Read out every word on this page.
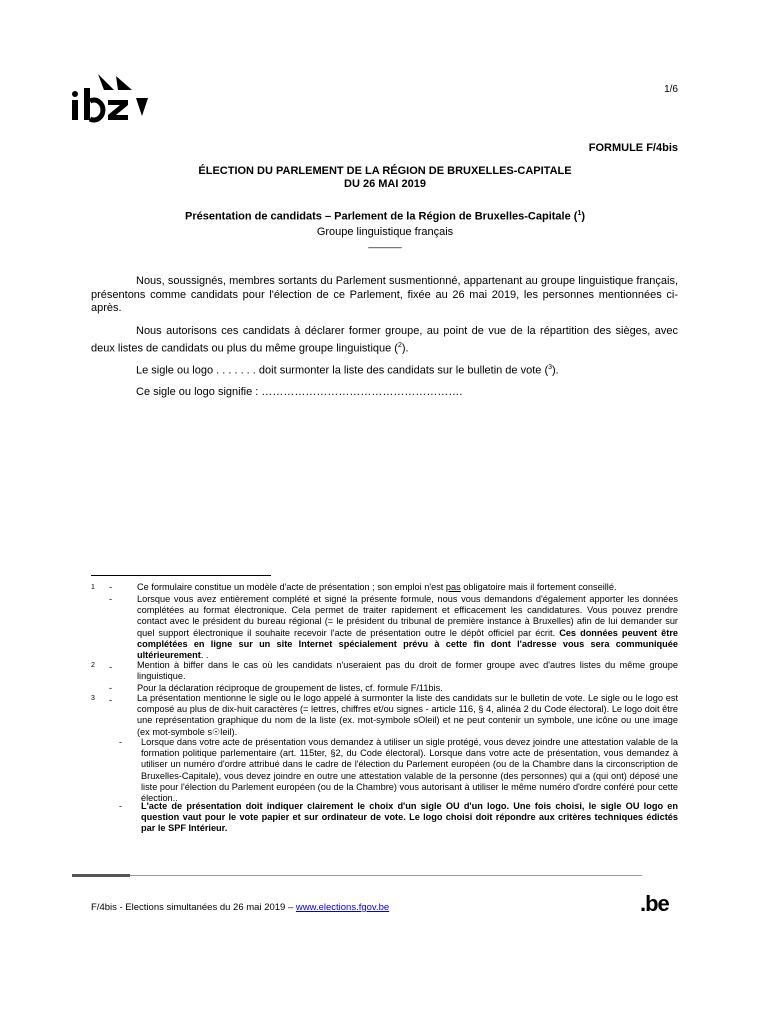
1/6
FORMULE F/4bis
ÉLECTION DU PARLEMENT DE LA RÉGION DE BRUXELLES-CAPITALE
DU 26 MAI 2019
Présentation de candidats – Parlement de la Région de Bruxelles-Capitale ($^1$)
Groupe linguistique français
______
Nous, soussignés, membres sortants du Parlement susmentionné, appartenant au groupe linguistique français, présentons comme candidats pour l'élection de ce Parlement, fixée au 26 mai 2019, les personnes mentionnées ci-après.
Nous autorisons ces candidats à déclarer former groupe, au point de vue de la répartition des sièges, avec deux listes de candidats ou plus du même groupe linguistique ($^2$).
Le sigle ou logo . . . . . . . doit surmonter la liste des candidats sur le bulletin de vote ($^3$).
Ce sigle ou logo signifie : ……………………………………………….
1 -	Ce formulaire constitue un modèle d'acte de présentation ; son emploi n'est pas obligatoire mais il fortement conseillé.
-	Lorsque vous avez entièrement complété et signé la présente formule, nous vous demandons d'également apporter les données complétées au format électronique. Cela permet de traiter rapidement et efficacement les candidatures. Vous pouvez prendre contact avec le président du bureau régional (= le président du tribunal de première instance à Bruxelles) afin de lui demander sur quel support électronique il souhaite recevoir l'acte de présentation outre le dépôt officiel par écrit. Ces données peuvent être complétées en ligne sur un site Internet spécialement prévu à cette fin dont l'adresse vous sera communiquée ultérieurement. .
2 -	Mention à biffer dans le cas où les candidats n'useraient pas du droit de former groupe avec d'autres listes du même groupe linguistique.
-	Pour la déclaration réciproque de groupement de listes, cf. formule F/11bis.
3 -	La présentation mentionne le sigle ou le logo appelé à surmonter la liste des candidats sur le bulletin de vote. Le sigle ou le logo est composé au plus de dix-huit caractères (= lettres, chiffres et/ou signes - article 116, § 4, alinéa 2 du Code électoral). Le logo doit être une représentation graphique du nom de la liste (ex. mot-symbole sOleil) et ne peut contenir un symbole, une icône ou une image (ex mot-symbole s☉leil).
- Lorsque dans votre acte de présentation vous demandez à utiliser un sigle protégé, vous devez joindre une attestation valable de la formation politique parlementaire (art. 115ter, §2, du Code électoral). Lorsque dans votre acte de présentation, vous demandez à utiliser un numéro d'ordre attribué dans le cadre de l'élection du Parlement européen (ou de la Chambre dans la circonscription de Bruxelles-Capitale), vous devez joindre en outre une attestation valable de la personne (des personnes) qui a (qui ont) déposé une liste pour l'élection du Parlement européen (ou de la Chambre) vous autorisant à utiliser le même numéro d'ordre conféré pour cette élection..
- L'acte de présentation doit indiquer clairement le choix d'un sigle OU d'un logo. Une fois choisi, le sigle OU logo en question vaut pour le vote papier et sur ordinateur de vote. Le logo choisi doit répondre aux critères techniques édictés par le SPF Intérieur.
F/4bis - Elections simultanées du 26 mai 2019 – www.elections.fgov.be	.be
